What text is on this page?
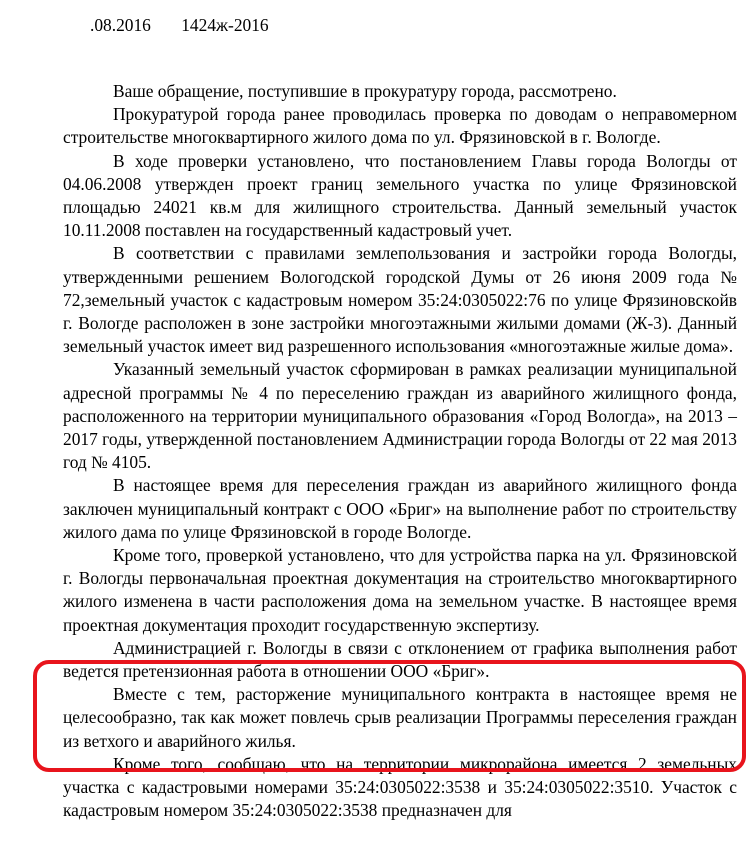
.08.2016 1424ж-2016

Ваше обращение, поступившие в прокуратуру города, рассмотрено.

Прокуратурой города ранее проводилась проверка по доводам о неправомерном строительстве многоквартирного жилого дома по ул. Фрязиновской в г. Вологде.

В ходе проверки установлено, что постановлением Главы города Вологды от 04.06.2008 утвержден проект границ земельного участка по улице Фрязиновской площадью 24021 кв.м для жилищного строительства. Данный земельный участок 10.11.2008 поставлен на государственный кадастровый учет.

В соответствии с правилами землепользования и застройки города Вологды, утвержденными решением Вологодской городской Думы от 26 июня 2009 года № 72,земельный участок с кадастровым номером 35:24:0305022:76 по улице Фрязиновскойв г. Вологде расположен в зоне застройки многоэтажными жилыми домами (Ж-3). Данный земельный участок имеет вид разрешенного использования «многоэтажные жилые дома».

Указанный земельный участок сформирован в рамках реализации муниципальной адресной программы № 4 по переселению граждан из аварийного жилищного фонда, расположенного на территории муниципального образования «Город Вологда», на 2013 – 2017 годы, утвержденной постановлением Администрации города Вологды от 22 мая 2013 год № 4105.

В настоящее время для переселения граждан из аварийного жилищного фонда заключен муниципальный контракт с ООО «Бриг» на выполнение работ по строительству жилого дама по улице Фрязиновской в городе Вологде.

Кроме того, проверкой установлено, что для устройства парка на ул. Фрязиновской г. Вологды первоначальная проектная документация на строительство многоквартирного жилого изменена в части расположения дома на земельном участке. В настоящее время проектная документация проходит государственную экспертизу.

Администрацией г. Вологды в связи с отклонением от графика выполнения работ ведется претензионная работа в отношении ООО «Бриг».

Вместе с тем, расторжение муниципального контракта в настоящее время не целесообразно, так как может повлечь срыв реализации Программы переселения граждан из ветхого и аварийного жилья.

Кроме того, сообщаю, что на территории микрорайона имеется 2 земельных участка с кадастровыми номерами 35:24:0305022:3538 и 35:24:0305022:3510. Участок с кадастровым номером 35:24:0305022:3538 предназначен для
